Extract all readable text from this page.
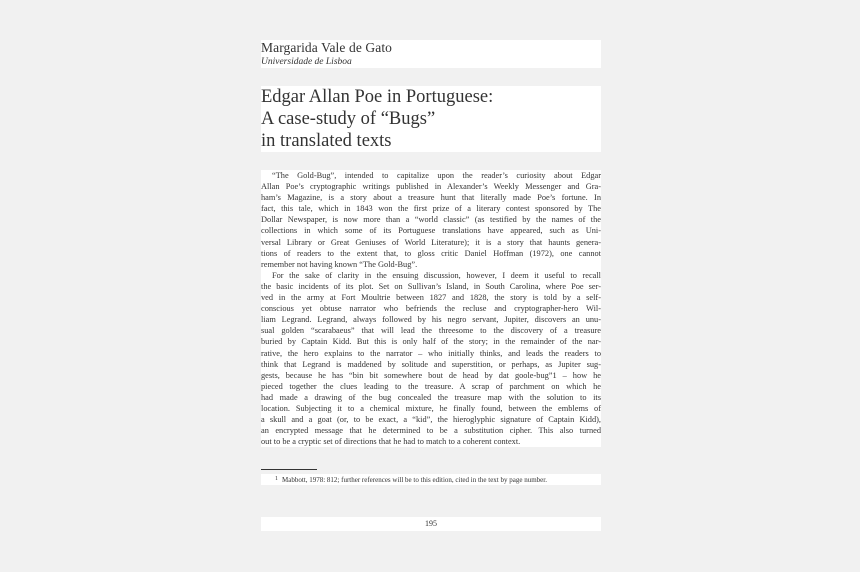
Margarida Vale de Gato
Universidade de Lisboa
Edgar Allan Poe in Portuguese:
A case-study of “Bugs”
in translated texts
“The Gold-Bug”, intended to capitalize upon the reader’s curiosity about Edgar
Allan Poe’s cryptographic writings published in Alexander’s Weekly Messenger and Gra-
ham’s Magazine, is a story about a treasure hunt that literally made Poe’s fortune. In
fact, this tale, which in 1843 won the first prize of a literary contest sponsored by The
Dollar Newspaper, is now more than a “world classic” (as testified by the names of the
collections in which some of its Portuguese translations have appeared, such as Uni-
versal Library or Great Geniuses of World Literature); it is a story that haunts genera-
tions of readers to the extent that, to gloss critic Daniel Hoffman (1972), one cannot
remember not having known “The Gold-Bug”.
For the sake of clarity in the ensuing discussion, however, I deem it useful to recall
the basic incidents of its plot. Set on Sullivan’s Island, in South Carolina, where Poe ser-
ved in the army at Fort Moultrie between 1827 and 1828, the story is told by a self-
conscious yet obtuse narrator who befriends the recluse and cryptographer-hero Wil-
liam Legrand. Legrand, always followed by his negro servant, Jupiter, discovers an unu-
sual golden “scarabaeus” that will lead the threesome to the discovery of a treasure
buried by Captain Kidd. But this is only half of the story; in the remainder of the nar-
rative, the hero explains to the narrator – who initially thinks, and leads the readers to
think that Legrand is maddened by solitude and superstition, or perhaps, as Jupiter sug-
gests, because he has “bin bit somewhere bout de head by dat goole-bug”1 – how he
pieced together the clues leading to the treasure. A scrap of parchment on which he
had made a drawing of the bug concealed the treasure map with the solution to its
location. Subjecting it to a chemical mixture, he finally found, between the emblems of
a skull and a goat (or, to be exact, a “kid”, the hieroglyphic signature of Captain Kidd),
an encrypted message that he determined to be a substitution cipher. This also turned
out to be a cryptic set of directions that he had to match to a coherent context.
1 Mabbott, 1978: 812; further references will be to this edition, cited in the text by page number.
195
